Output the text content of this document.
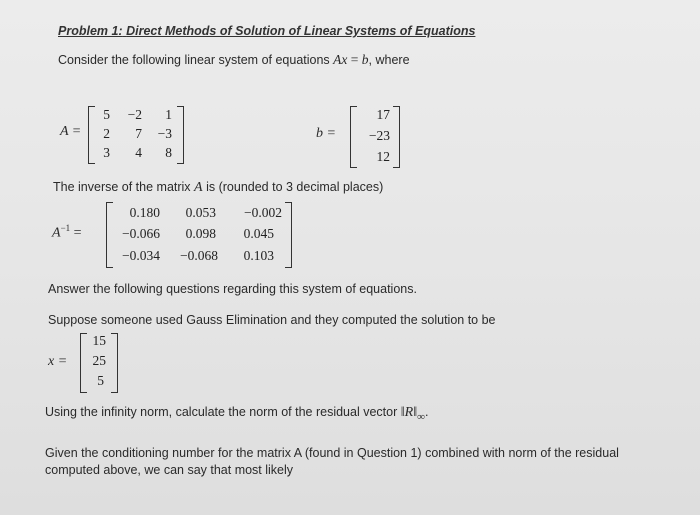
Problem 1: Direct Methods of Solution of Linear Systems of Equations
Consider the following linear system of equations Ax = b, where
A =
5	−2	1
2	7	−3
3	4	8
b =
17
−23
12
The inverse of the matrix A is (rounded to 3 decimal places)
$A^{-1}$ =
0.180	0.053	−0.002
−0.066	0.098	0.045
−0.034	−0.068	0.103
Answer the following questions regarding this system of equations.
Suppose someone used Gauss Elimination and they computed the solution to be
x =
15
25
5
Using the infinity norm, calculate the norm of the residual vector ‖R‖∞.
Given the conditioning number for the matrix A (found in Question 1) combined with norm of the residual
computed above, we can say that most likely
